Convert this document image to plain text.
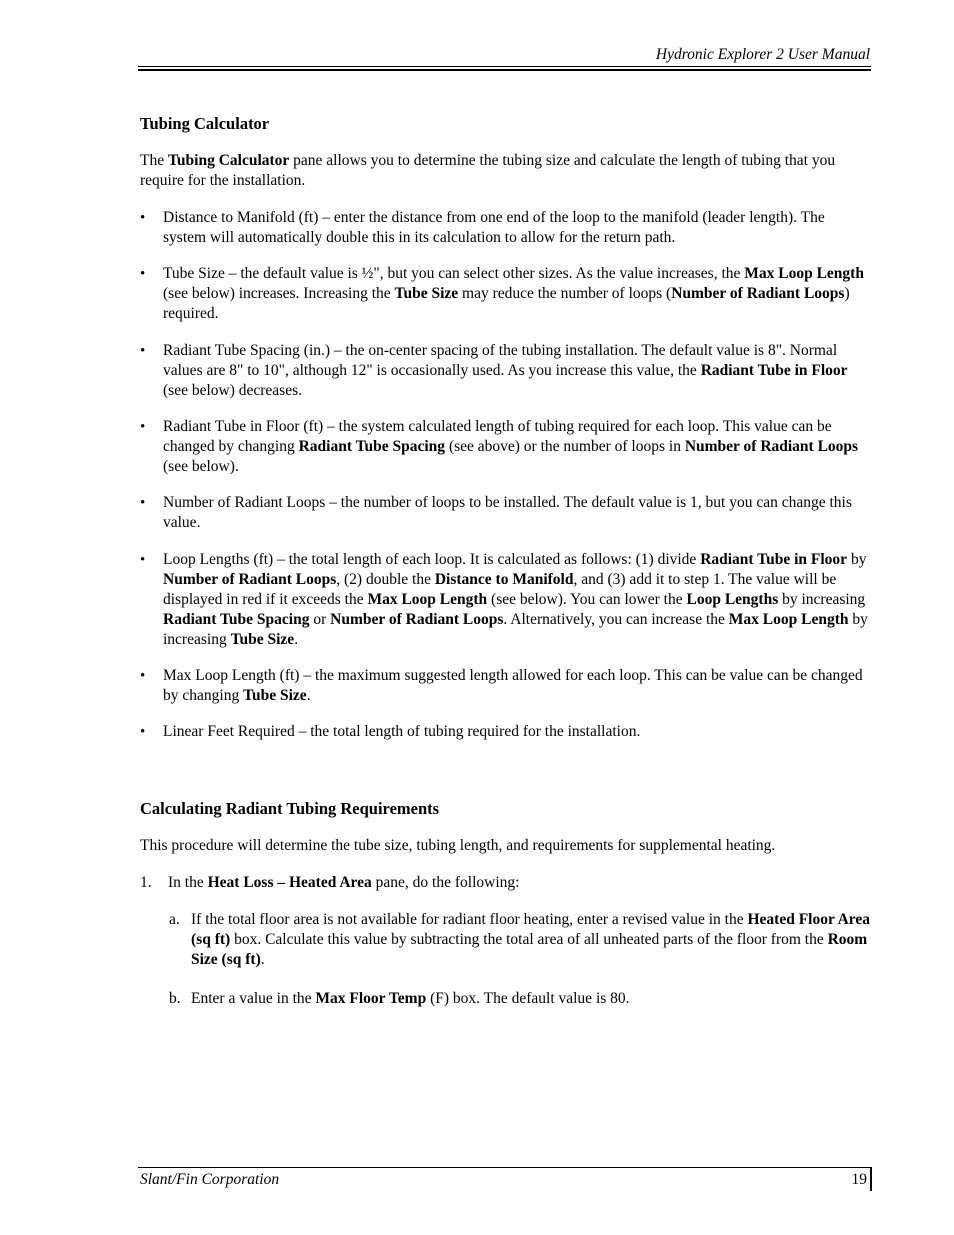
Hydronic Explorer 2 User Manual
Tubing Calculator

The Tubing Calculator pane allows you to determine the tubing size and calculate the length of tubing that you require for the installation.

• Distance to Manifold (ft) – enter the distance from one end of the loop to the manifold (leader length). The system will automatically double this in its calculation to allow for the return path.
• Tube Size – the default value is ½", but you can select other sizes. As the value increases, the Max Loop Length (see below) increases. Increasing the Tube Size may reduce the number of loops (Number of Radiant Loops) required.
• Radiant Tube Spacing (in.) – the on-center spacing of the tubing installation. The default value is 8". Normal values are 8" to 10", although 12" is occasionally used. As you increase this value, the Radiant Tube in Floor (see below) decreases.
• Radiant Tube in Floor (ft) – the system calculated length of tubing required for each loop. This value can be changed by changing Radiant Tube Spacing (see above) or the number of loops in Number of Radiant Loops (see below).
• Number of Radiant Loops – the number of loops to be installed. The default value is 1, but you can change this value.
• Loop Lengths (ft) – the total length of each loop. It is calculated as follows: (1) divide Radiant Tube in Floor by Number of Radiant Loops, (2) double the Distance to Manifold, and (3) add it to step 1. The value will be displayed in red if it exceeds the Max Loop Length (see below). You can lower the Loop Lengths by increasing Radiant Tube Spacing or Number of Radiant Loops. Alternatively, you can increase the Max Loop Length by increasing Tube Size.
• Max Loop Length (ft) – the maximum suggested length allowed for each loop. This can be value can be changed by changing Tube Size.
• Linear Feet Required – the total length of tubing required for the installation.
Calculating Radiant Tubing Requirements

This procedure will determine the tube size, tubing length, and requirements for supplemental heating.

1. In the Heat Loss – Heated Area pane, do the following:
a. If the total floor area is not available for radiant floor heating, enter a revised value in the Heated Floor Area (sq ft) box. Calculate this value by subtracting the total area of all unheated parts of the floor from the Room Size (sq ft).
b. Enter a value in the Max Floor Temp (F) box. The default value is 80.
Slant/Fin Corporation	19
